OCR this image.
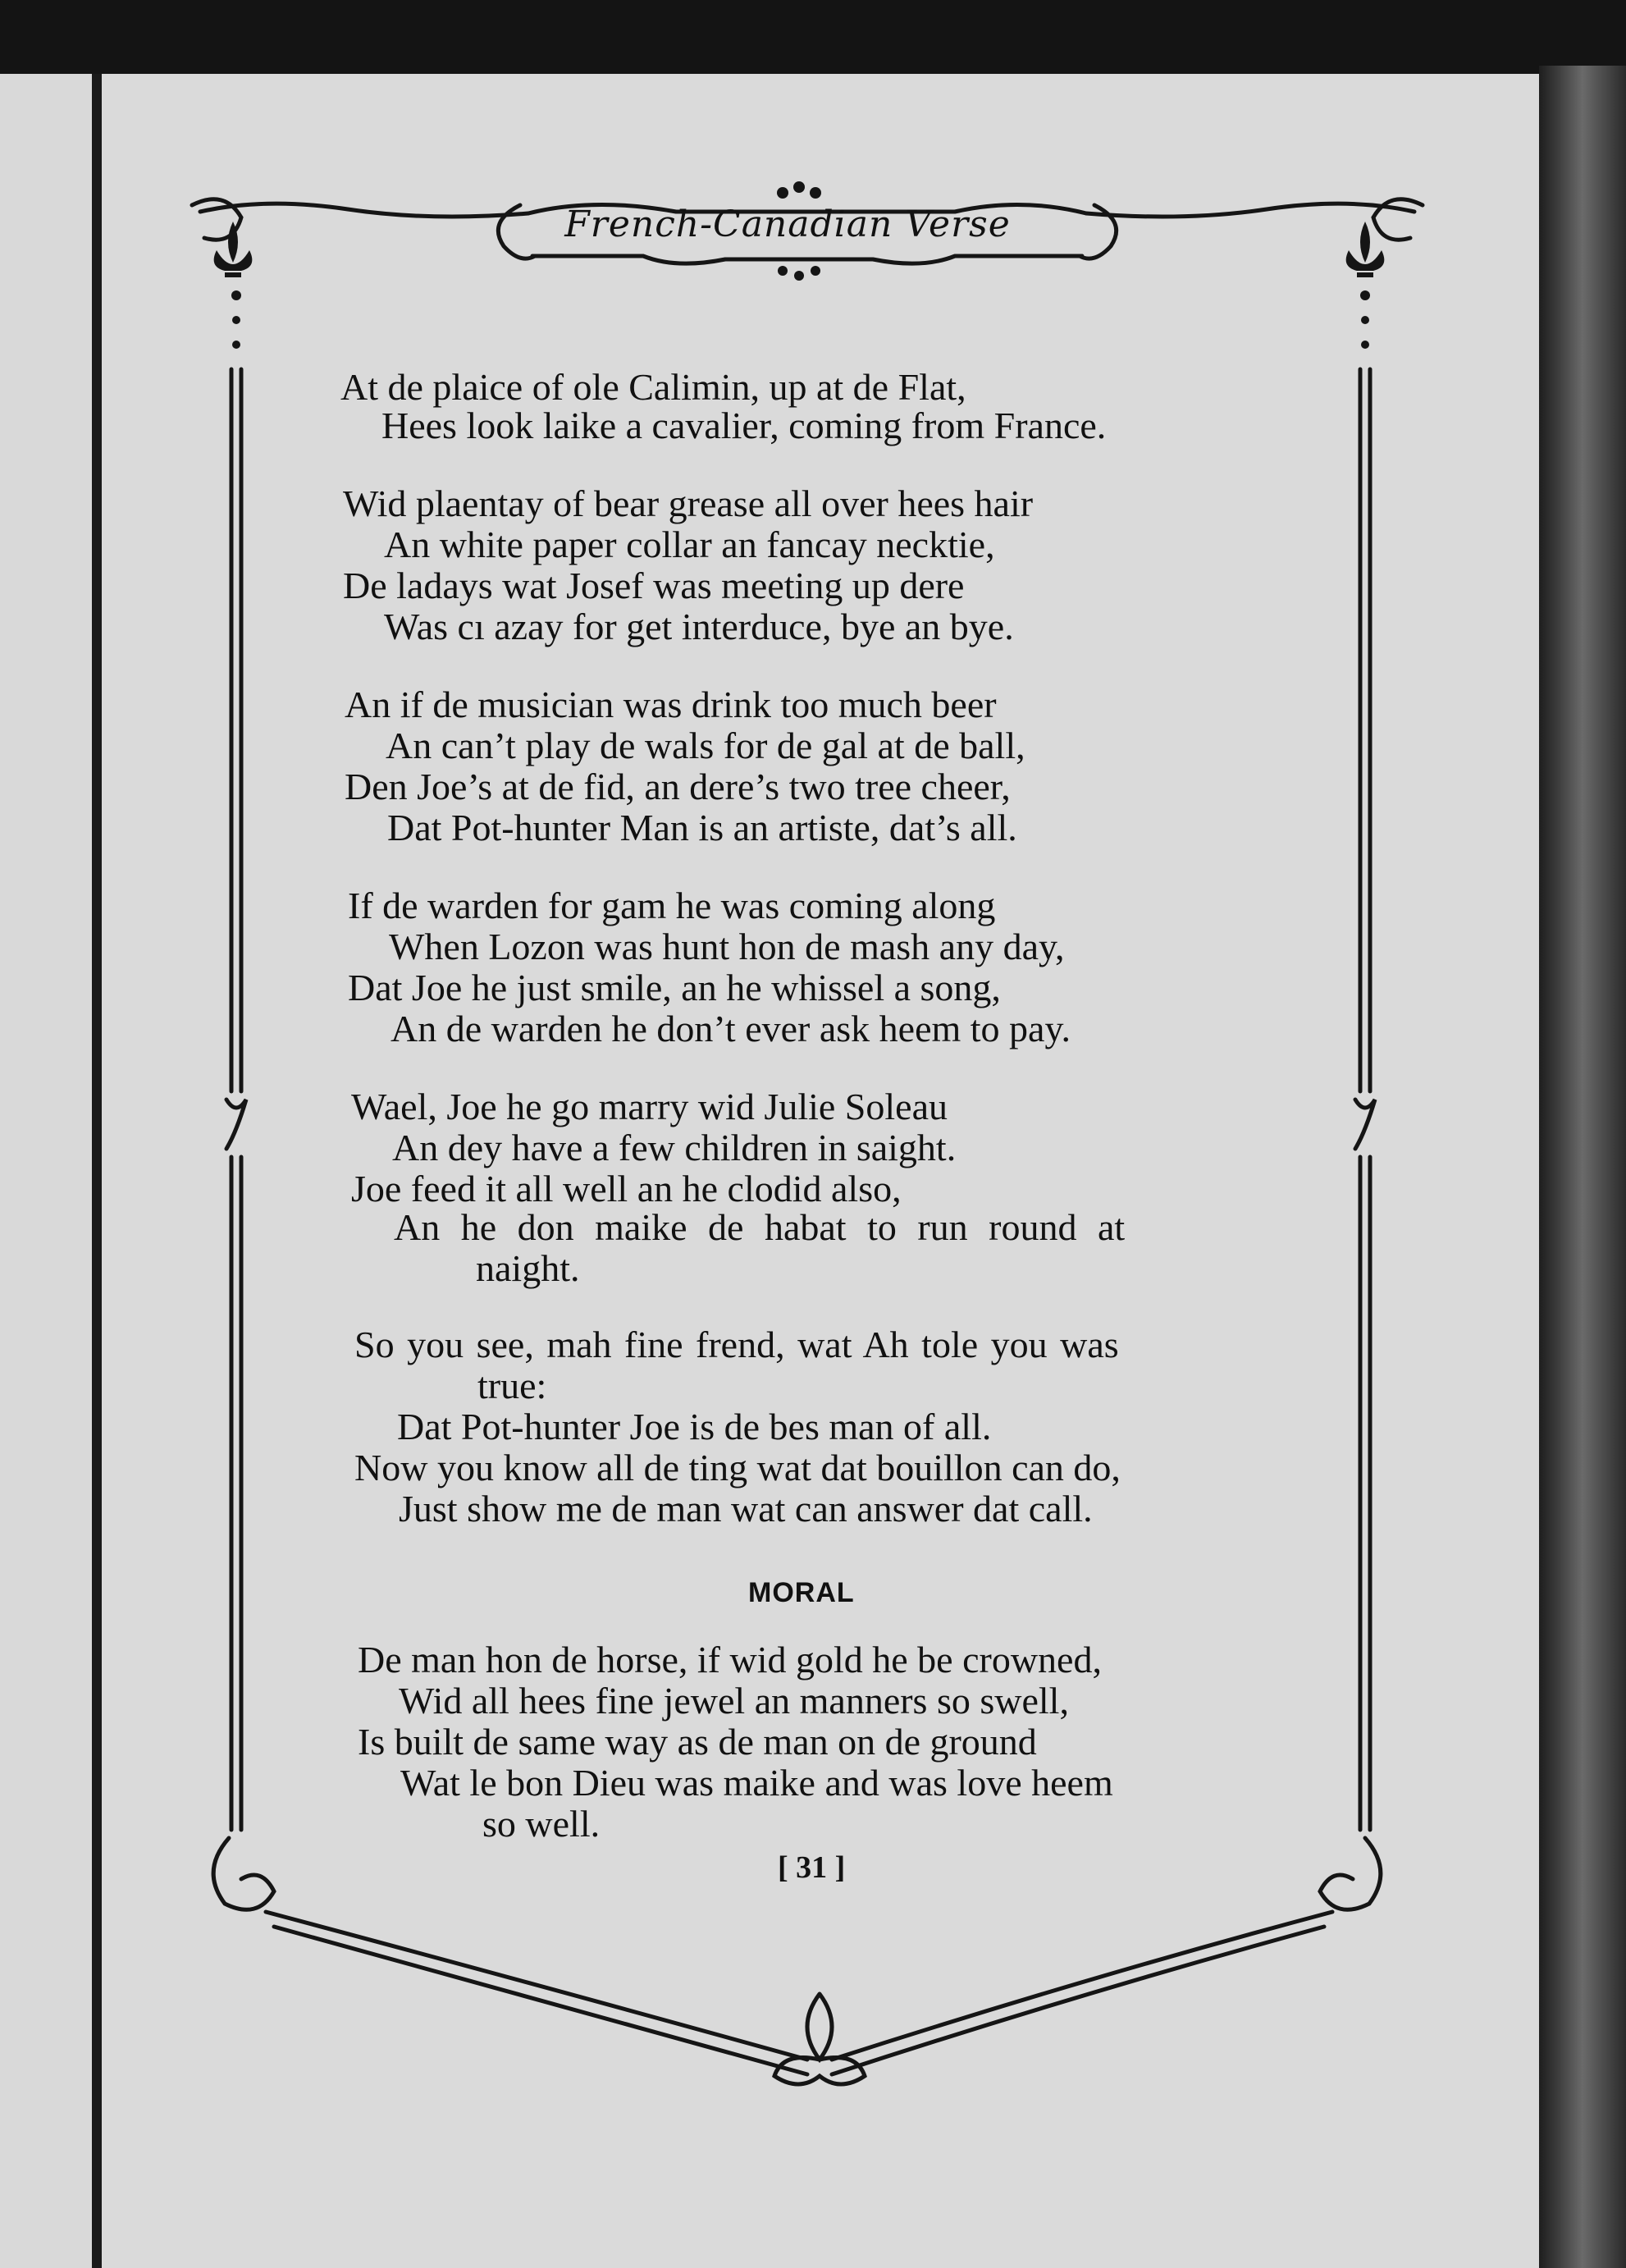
French-Canadian Verse
At de plaice of ole Calimin, up at de Flat,
Hees look laike a cavalier, coming from France.
Wid plaentay of bear grease all over hees hair
An white paper collar an fancay necktie,
De ladays wat Josef was meeting up dere
Was cı azay for get interduce, bye an bye.
An if de musician was drink too much beer
An can’t play de wals for de gal at de ball,
Den Joe’s at de fid, an dere’s two tree cheer,
Dat Pot-hunter Man is an artiste, dat’s all.
If de warden for gam he was coming along
When Lozon was hunt hon de mash any day,
Dat Joe he just smile, an he whissel a song,
An de warden he don’t ever ask heem to pay.
Wael, Joe he go marry wid Julie Soleau
An dey have a few children in saight.
Joe feed it all well an he clodid also,
An he don maike de habat to run round at
naight.
So you see, mah fine frend, wat Ah tole you was
true:
Dat Pot-hunter Joe is de bes man of all.
Now you know all de ting wat dat bouillon can do,
Just show me de man wat can answer dat call.
MORAL
De man hon de horse, if wid gold he be crowned,
Wid all hees fine jewel an manners so swell,
Is built de same way as de man on de ground
Wat le bon Dieu was maike and was love heem
so well.
[ 31 ]
